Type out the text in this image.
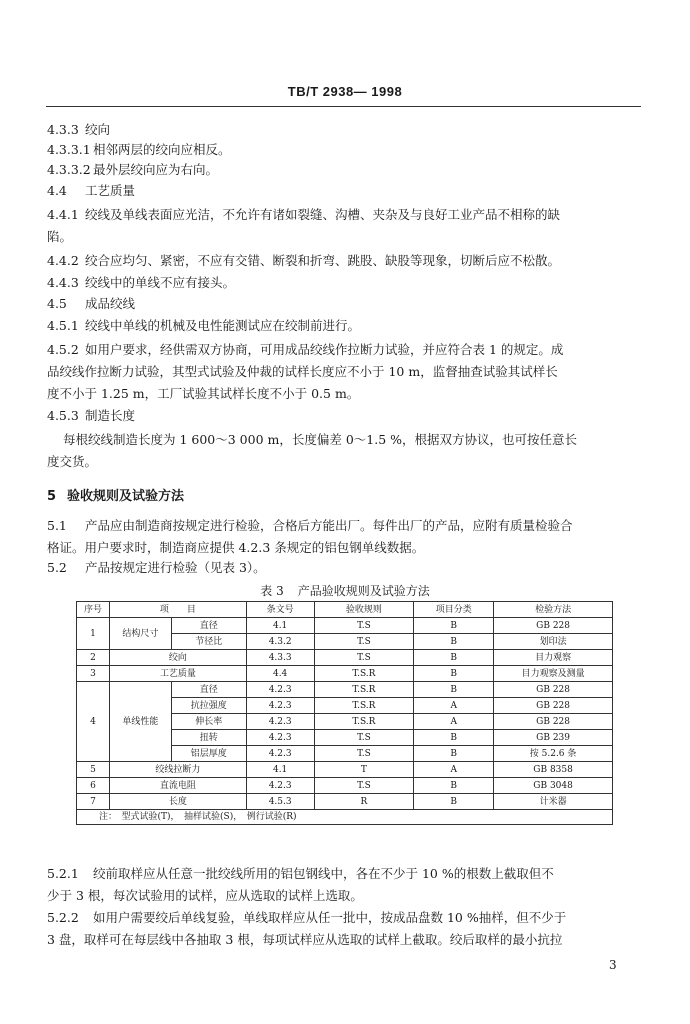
TB/T 2938— 1998
4.3.3 绞向
4.3.3.1 相邻两层的绞向应相反。
4.3.3.2 最外层绞向应为右向。
4.4 工艺质量
4.4.1 绞线及单线表面应光洁，不允许有诸如裂缝、沟槽、夹杂及与良好工业产品不相称的缺
陷。
4.4.2 绞合应均匀、紧密，不应有交错、断裂和折弯、跳股、缺股等现象，切断后应不松散。
4.4.3 绞线中的单线不应有接头。
4.5 成品绞线
4.5.1 绞线中单线的机械及电性能测试应在绞制前进行。
4.5.2 如用户要求，经供需双方协商，可用成品绞线作拉断力试验，并应符合表 1 的规定。成
品绞线作拉断力试验，其型式试验及仲裁的试样长度应不小于 10 m，监督抽查试验其试样长
度不小于 1.25 m，工厂试验其试样长度不小于 0.5 m。
4.5.3 制造长度
每根绞线制造长度为 1 600～3 000 m，长度偏差 0～1.5 %，根据双方协议，也可按任意长
度交货。
5 验收规则及试验方法
5.1 产品应由制造商按规定进行检验，合格后方能出厂。每件出厂的产品，应附有质量检验合
格证。用户要求时，制造商应提供 4.2.3 条规定的铝包钢单线数据。
5.2 产品按规定进行检验（见表 3）。
表 3 产品验收规则及试验方法
序号	项　　目		条文号	验收规则	项目分类	检验方法
1	结构尺寸	直径	4.1	T.S	B	GB 228
		节径比	4.3.2	T.S	B	划印法
2	绞向		4.3.3	T.S	B	目力观察
3	工艺质量		4.4	T.S.R	B	目力观察及测量
4	单线性能	直径	4.2.3	T.S.R	B	GB 228
		抗拉强度	4.2.3	T.S.R	A	GB 228
		伸长率	4.2.3	T.S.R	A	GB 228
		扭转	4.2.3	T.S	B	GB 239
		铝层厚度	4.2.3	T.S	B	按 5.2.6 条
5	绞线拉断力		4.1	T	A	GB 8358
6	直流电阻		4.2.3	T.S	B	GB 3048
7	长度		4.5.3	R	B	计米器
注：　型式试验(T)，　抽样试验(S)，　例行试验(R)						
5.2.1 绞前取样应从任意一批绞线所用的铝包钢线中，各在不少于 10 %的根数上截取但不
少于 3 根，每次试验用的试样，应从选取的试样上选取。
5.2.2 如用户需要绞后单线复验，单线取样应从任一批中，按成品盘数 10 %抽样，但不少于
3 盘，取样可在每层线中各抽取 3 根，每项试样应从选取的试样上截取。绞后取样的最小抗拉
3
